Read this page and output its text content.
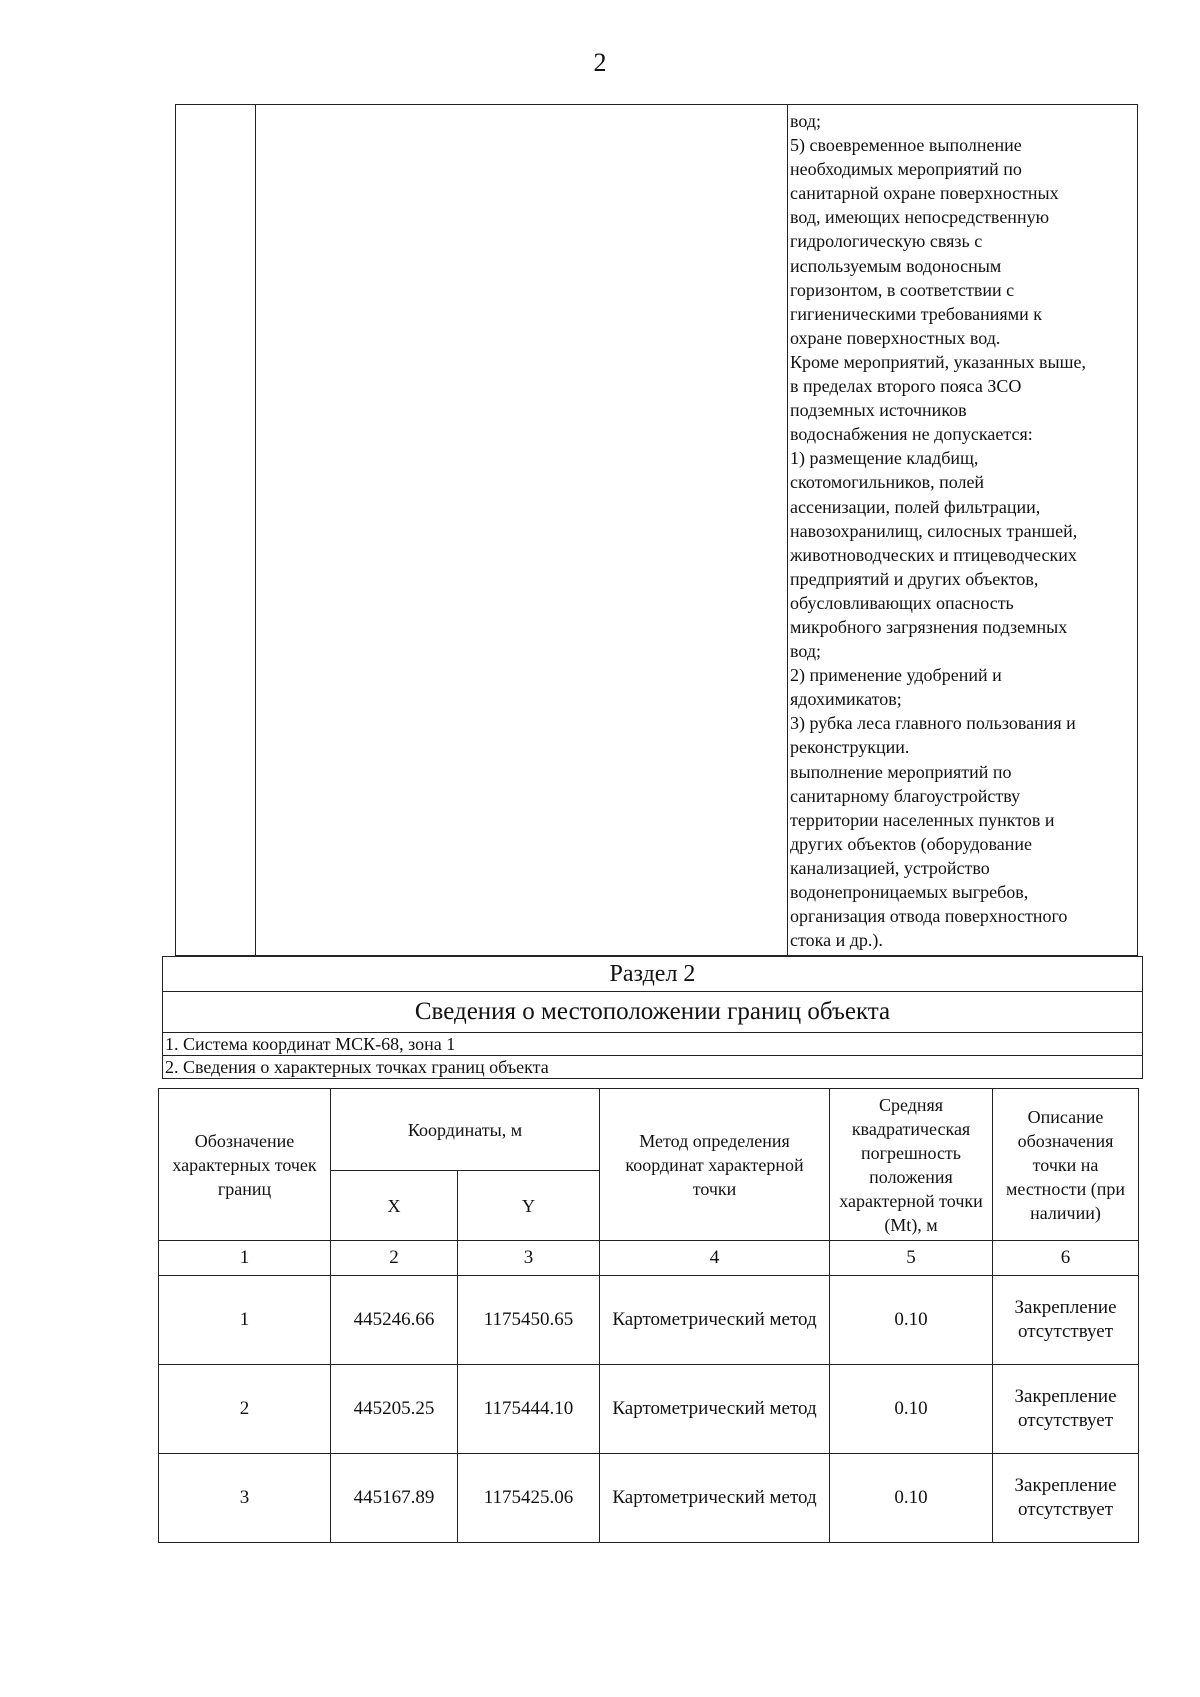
2
вод;
5) своевременное выполнение
необходимых мероприятий по
санитарной охране поверхностных
вод, имеющих непосредственную
гидрологическую связь с
используемым водоносным
горизонтом, в соответствии с
гигиеническими требованиями к
охране поверхностных вод.
Кроме мероприятий, указанных выше,
в пределах второго пояса ЗСО
подземных источников
водоснабжения не допускается:
1) размещение кладбищ,
скотомогильников, полей
ассенизации, полей фильтрации,
навозохранилищ, силосных траншей,
животноводческих и птицеводческих
предприятий и других объектов,
обусловливающих опасность
микробного загрязнения подземных
вод;
2) применение удобрений и
ядохимикатов;
3) рубка леса главного пользования и
реконструкции.
выполнение мероприятий по
санитарному благоустройству
территории населенных пунктов и
других объектов (оборудование
канализацией, устройство
водонепроницаемых выгребов,
организация отвода поверхностного
стока и др.).
Раздел 2
Сведения о местоположении границ объекта
1. Система координат МСК-68, зона 1
2. Сведения о характерных точках границ объекта
Обозначение характерных точек границ	Координаты, м		Метод определения координат характерной точки	Средняя квадратическая погрешность положения характерной точки (Mt), м	Описание обозначения точки на местности (при наличии)
	X	Y			
1	2	3	4	5	6
1	445246.66	1175450.65	Картометрический метод	0.10	Закрепление отсутствует
2	445205.25	1175444.10	Картометрический метод	0.10	Закрепление отсутствует
3	445167.89	1175425.06	Картометрический метод	0.10	Закрепление отсутствует
